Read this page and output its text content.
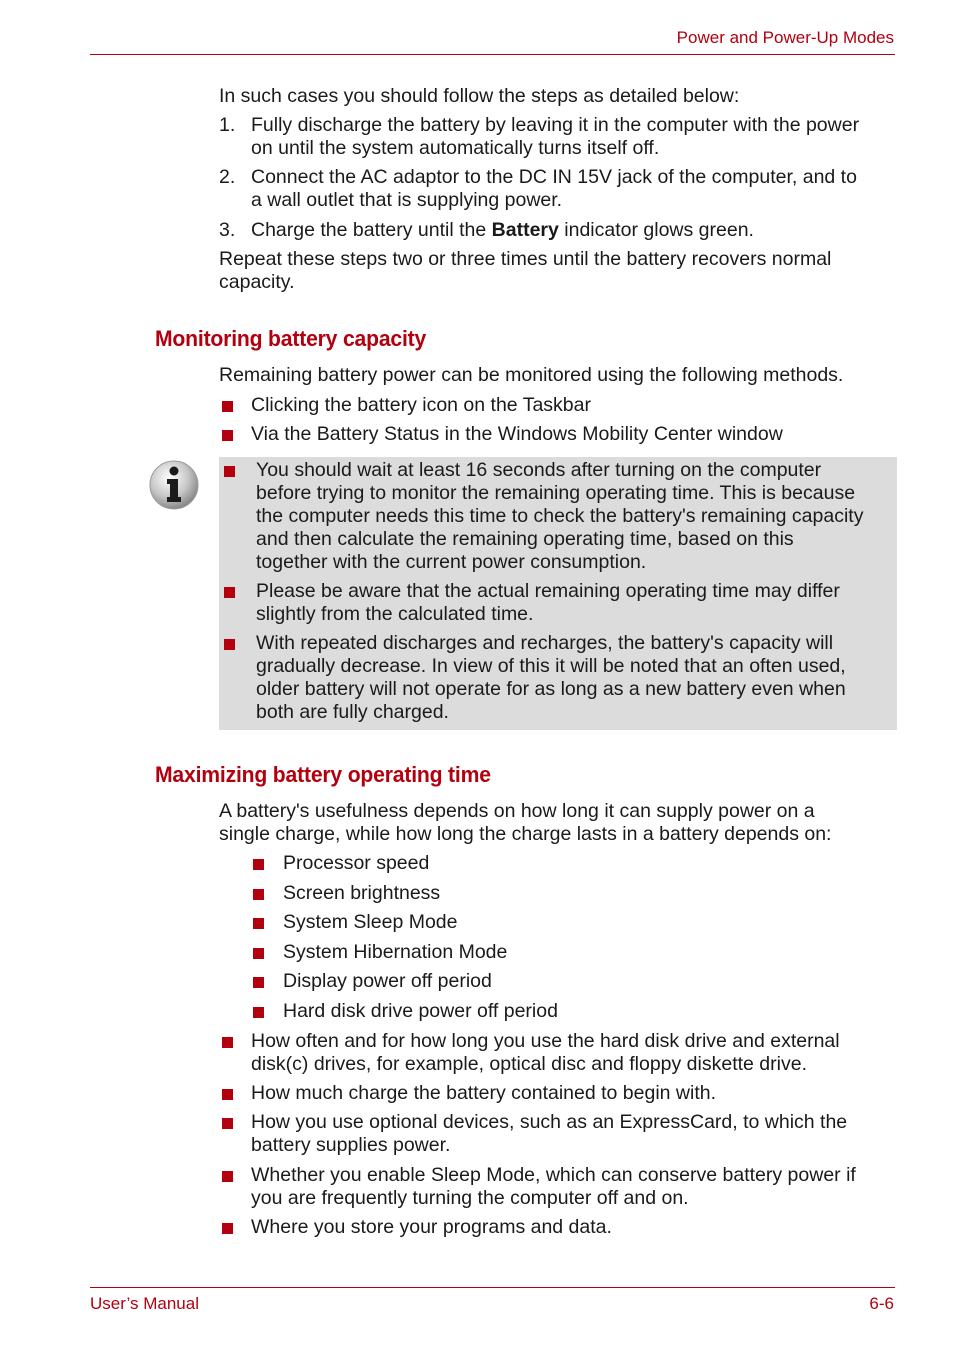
Power and Power-Up Modes
In such cases you should follow the steps as detailed below:
1. Fully discharge the battery by leaving it in the computer with the power
on until the system automatically turns itself off.
2. Connect the AC adaptor to the DC IN 15V jack of the computer, and to
a wall outlet that is supplying power.
3. Charge the battery until the Battery indicator glows green.
Repeat these steps two or three times until the battery recovers normal
capacity.
Monitoring battery capacity
Remaining battery power can be monitored using the following methods.
Clicking the battery icon on the Taskbar
Via the Battery Status in the Windows Mobility Center window
You should wait at least 16 seconds after turning on the computer
before trying to monitor the remaining operating time. This is because
the computer needs this time to check the battery's remaining capacity
and then calculate the remaining operating time, based on this
together with the current power consumption.
Please be aware that the actual remaining operating time may differ
slightly from the calculated time.
With repeated discharges and recharges, the battery's capacity will
gradually decrease. In view of this it will be noted that an often used,
older battery will not operate for as long as a new battery even when
both are fully charged.
Maximizing battery operating time
A battery's usefulness depends on how long it can supply power on a
single charge, while how long the charge lasts in a battery depends on:
Processor speed
Screen brightness
System Sleep Mode
System Hibernation Mode
Display power off period
Hard disk drive power off period
How often and for how long you use the hard disk drive and external
disk(c) drives, for example, optical disc and floppy diskette drive.
How much charge the battery contained to begin with.
How you use optional devices, such as an ExpressCard, to which the
battery supplies power.
Whether you enable Sleep Mode, which can conserve battery power if
you are frequently turning the computer off and on.
Where you store your programs and data.
User’s Manual	6-6
